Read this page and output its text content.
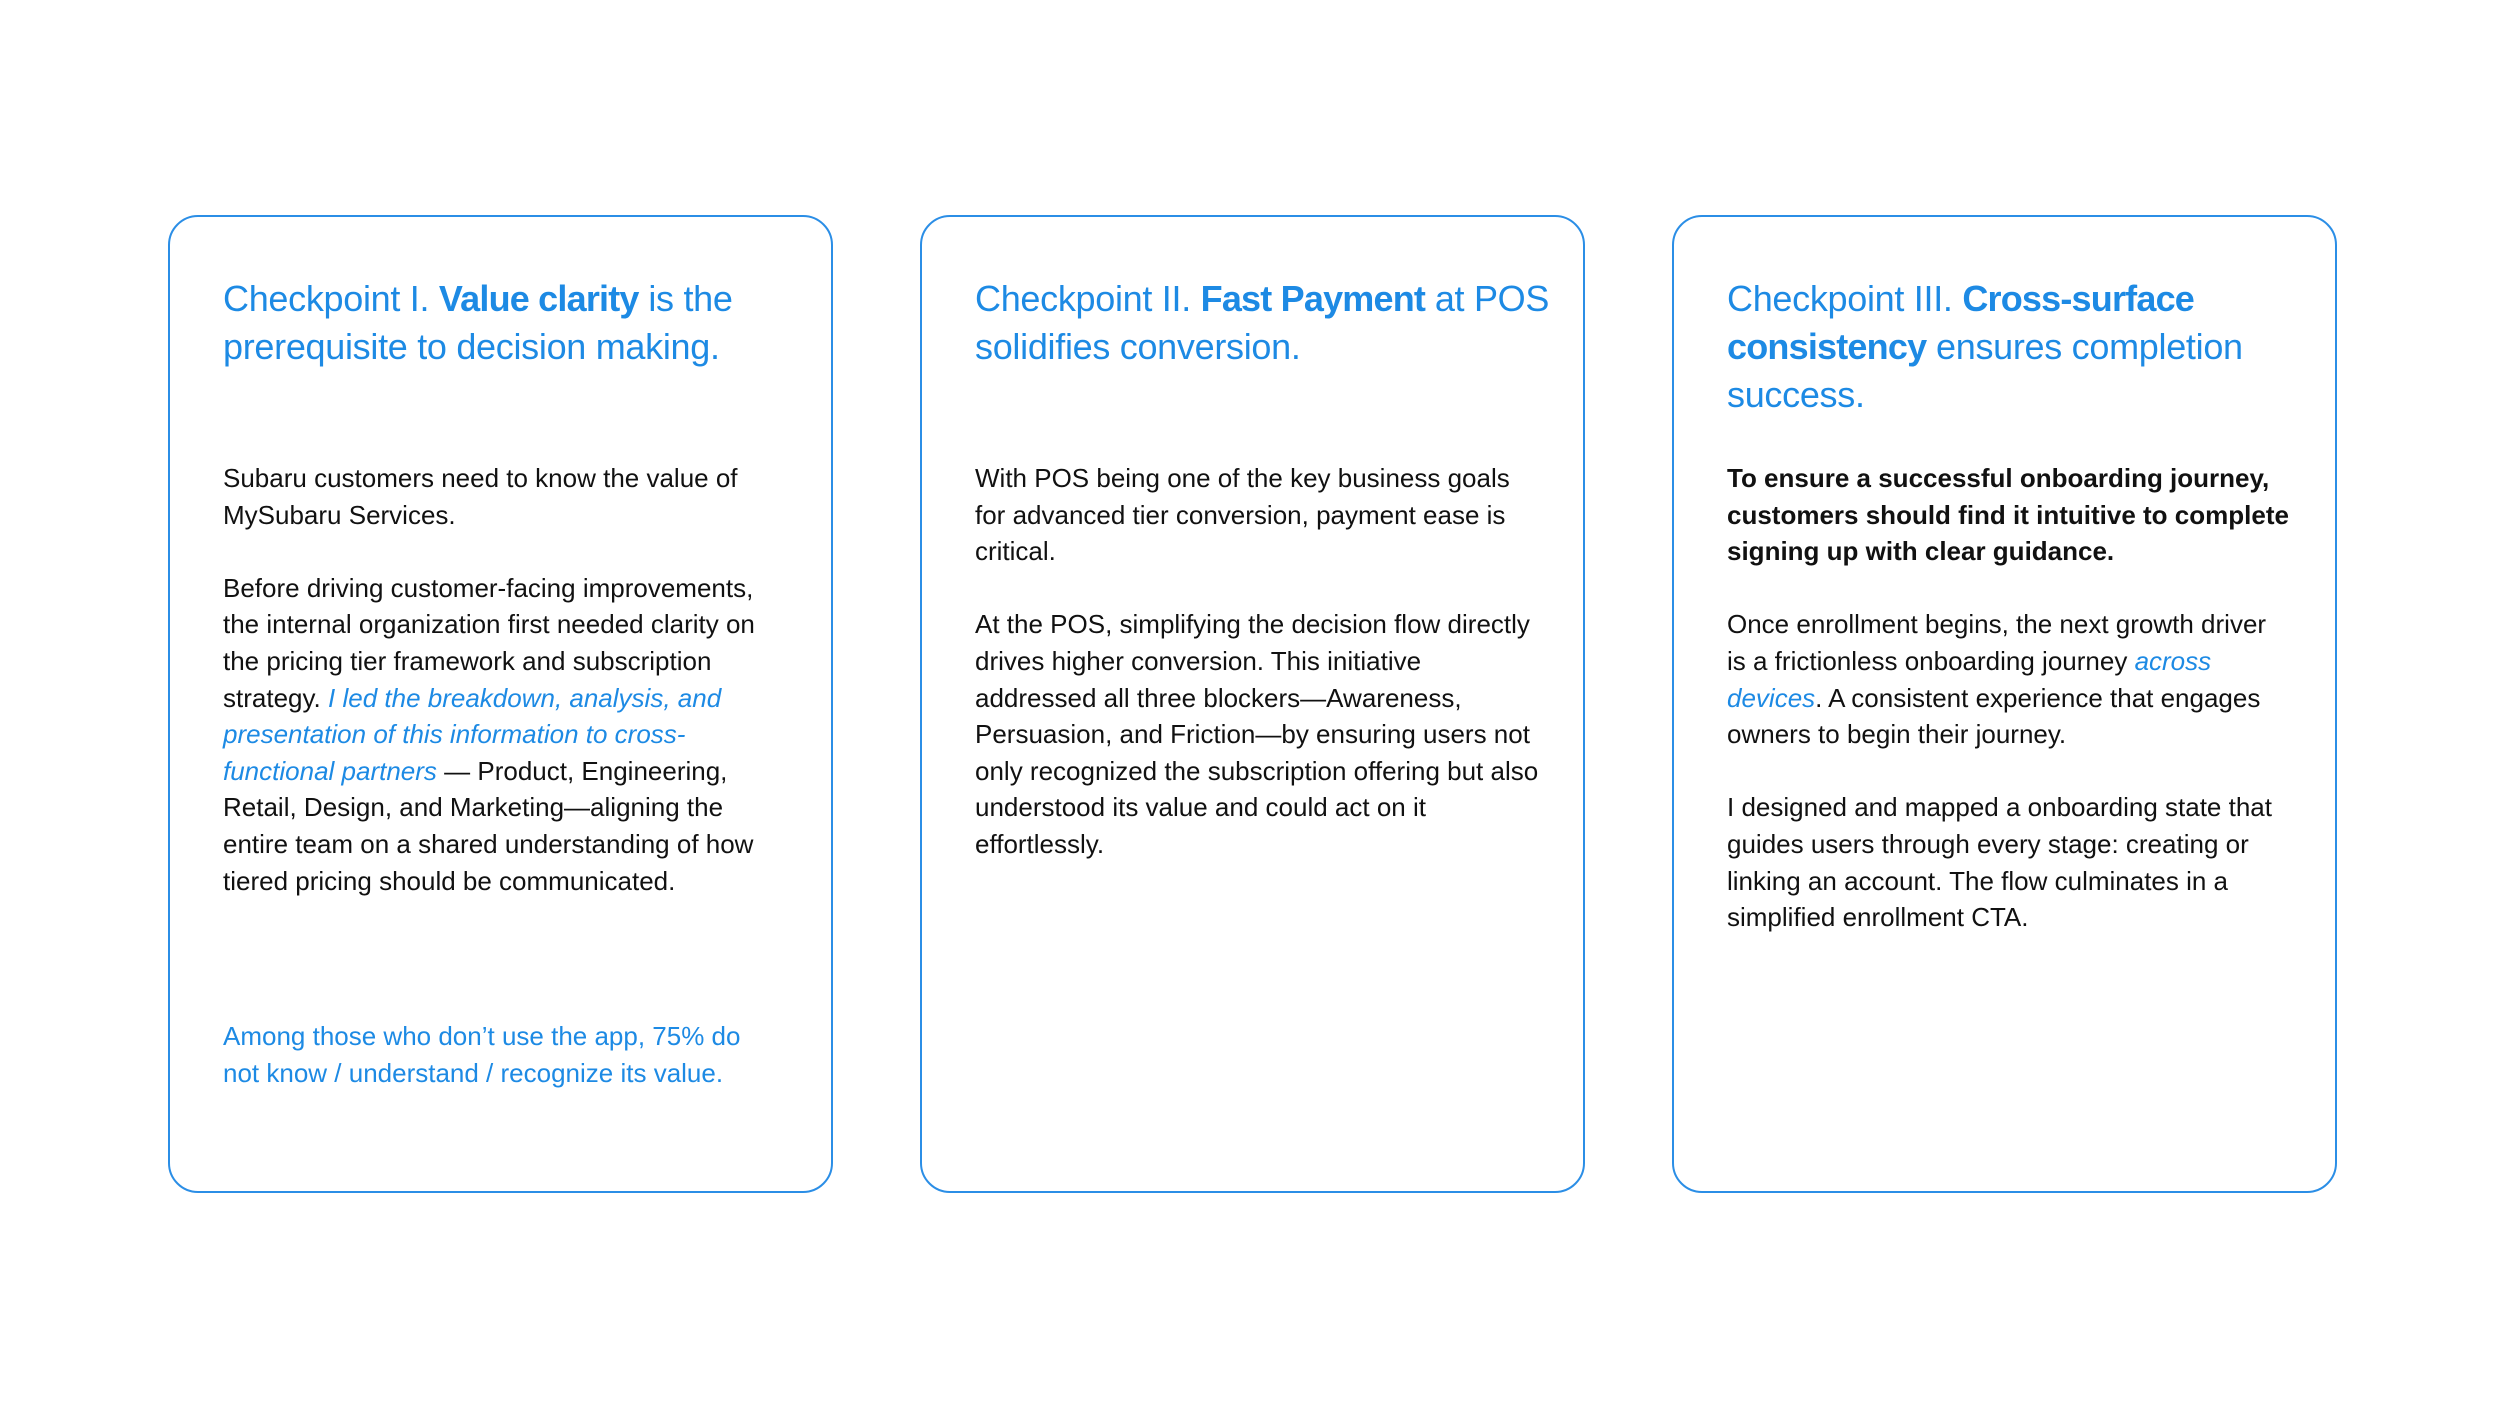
Checkpoint I. Value clarity is the prerequisite to decision making.

Subaru customers need to know the value of MySubaru Services.

Before driving customer-facing improvements, the internal organization first needed clarity on the pricing tier framework and subscription strategy. I led the breakdown, analysis, and presentation of this information to cross-functional partners — Product, Engineering, Retail, Design, and Marketing—aligning the entire team on a shared understanding of how tiered pricing should be communicated.

Among those who don’t use the app, 75% do not know / understand / recognize its value.

Checkpoint II. Fast Payment at POS solidifies conversion.

With POS being one of the key business goals for advanced tier conversion, payment ease is critical.

At the POS, simplifying the decision flow directly drives higher conversion. This initiative addressed all three blockers—Awareness, Persuasion, and Friction—by ensuring users not only recognized the subscription offering but also understood its value and could act on it effortlessly.

Checkpoint III. Cross-surface consistency ensures completion success.

To ensure a successful onboarding journey, customers should find it intuitive to complete signing up with clear guidance.

Once enrollment begins, the next growth driver is a frictionless onboarding journey across devices. A consistent experience that engages owners to begin their journey.

I designed and mapped a onboarding state that guides users through every stage: creating or linking an account. The flow culminates in a simplified enrollment CTA.
